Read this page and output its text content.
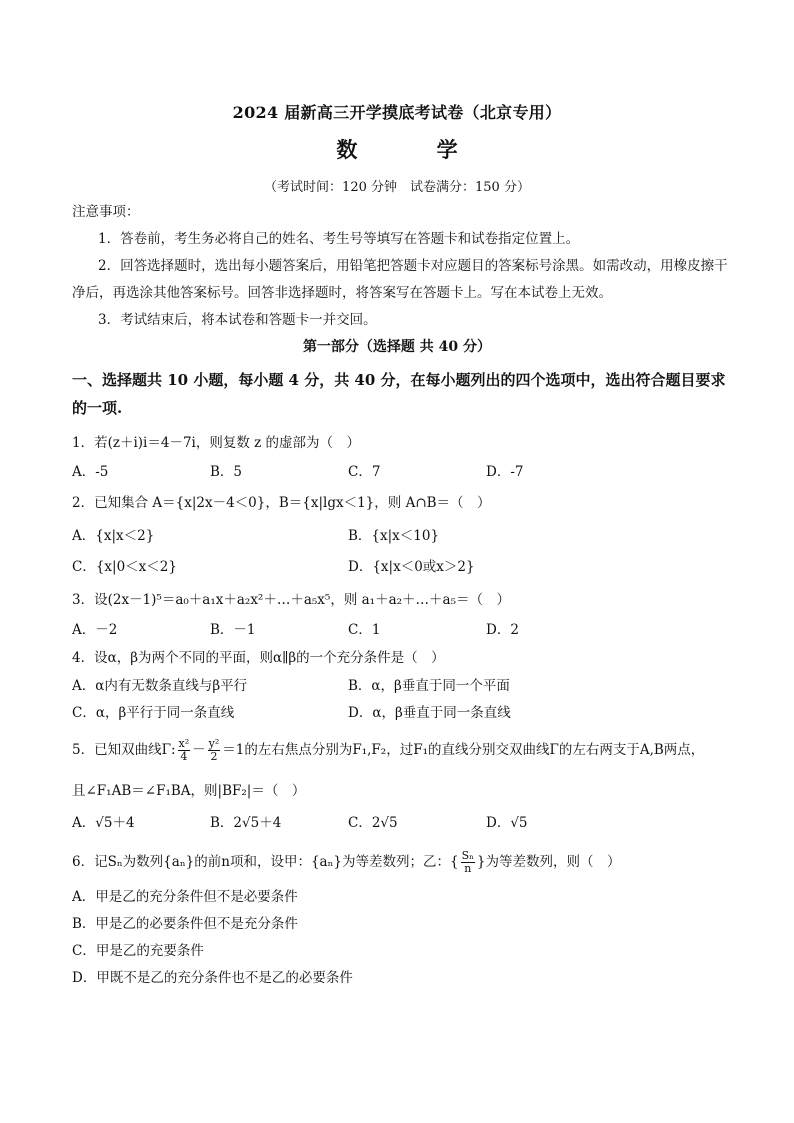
2024 届新高三开学摸底考试卷（北京专用）
数 学
（考试时间：120 分钟　试卷满分：150 分）
注意事项：
1．答卷前，考生务必将自己的姓名、考生号等填写在答题卡和试卷指定位置上。
2．回答选择题时，选出每小题答案后，用铅笔把答题卡对应题目的答案标号涂黑。如需改动，用橡皮擦干净后，再选涂其他答案标号。回答非选择题时，将答案写在答题卡上。写在本试卷上无效。
3．考试结束后，将本试卷和答题卡一并交回。
第一部分（选择题 共 40 分）
一、选择题共 10 小题，每小题 4 分，共 40 分，在每小题列出的四个选项中，选出符合题目要求的一项.
1．若(z＋i)i＝4－7i，则复数 z 的虚部为（　）
A．-5	B．5	C．7	D．-7
2．已知集合 A＝{x|2x－4＜0}，B＝{x|lgx＜1}，则 A∩B＝（　）
A．{x|x＜2}	B．{x|x＜10}
C．{x|0＜x＜2}	D．{x|x＜0或x＞2}
3．设(2x－1)⁵＝a₀＋a₁x＋a₂x²＋…＋a₅x⁵，则 a₁＋a₂＋…＋a₅＝（　）
A．－2	B．－1	C．1	D．2
4．设α，β为两个不同的平面，则α∥β的一个充分条件是（　）
A．α内有无数条直线与β平行	B．α，β垂直于同一个平面
C．α，β平行于同一条直线	D．α，β垂直于同一条直线
5．已知双曲线Γ: $\frac{\text{x²}}{4} - \frac{\text{y²}}{2} =1$的左右焦点分别为F₁,F₂，过F₁的直线分别交双曲线Γ的左右两支于A,B两点，
且∠F₁AB＝∠F₁BA，则|BF₂|＝（　）
A．√5＋4	B．2√5＋4	C．2√5	D．√5
6．记Sₙ为数列{aₙ}的前n项和，设甲：{aₙ}为等差数列；乙：{ $\frac{\text{Sₙ}}{n}$ }为等差数列，则（　）
A．甲是乙的充分条件但不是必要条件
B．甲是乙的必要条件但不是充分条件
C．甲是乙的充要条件
D．甲既不是乙的充分条件也不是乙的必要条件
